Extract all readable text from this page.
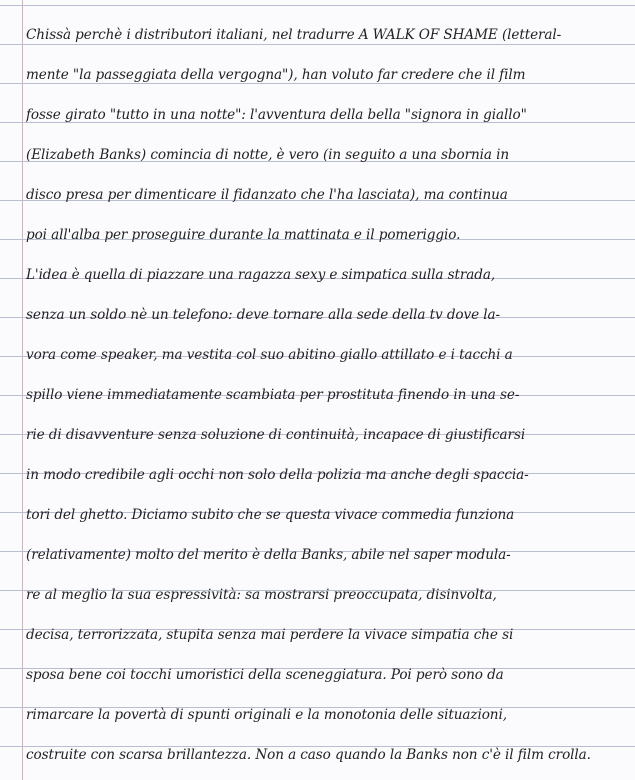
Chissà perchè i distributori italiani, nel tradurre A WALK OF SHAME (letteral-
mente "la passeggiata della vergogna"), han voluto far credere che il film
fosse girato "tutto in una notte": l'avventura della bella "signora in giallo"
(Elizabeth Banks) comincia di notte, è vero (in seguito a una sbornia in
disco presa per dimenticare il fidanzato che l'ha lasciata), ma continua
poi all'alba per proseguire durante la mattinata e il pomeriggio.
L'idea è quella di piazzare una ragazza sexy e simpatica sulla strada,
senza un soldo nè un telefono: deve tornare alla sede della tv dove la-
vora come speaker, ma vestita col suo abitino giallo attillato e i tacchi a
spillo viene immediatamente scambiata per prostituta finendo in una se-
rie di disavventure senza soluzione di continuità, incapace di giustificarsi
in modo credibile agli occhi non solo della polizia ma anche degli spaccia-
tori del ghetto. Diciamo subito che se questa vivace commedia funziona
(relativamente) molto del merito è della Banks, abile nel saper modula-
re al meglio la sua espressività: sa mostrarsi preoccupata, disinvolta,
decisa, terrorizzata, stupita senza mai perdere la vivace simpatia che si
sposa bene coi tocchi umoristici della sceneggiatura. Poi però sono da
rimarcare la povertà di spunti originali e la monotonia delle situazioni,
costruite con scarsa brillantezza. Non a caso quando la Banks non c'è il film crolla.
